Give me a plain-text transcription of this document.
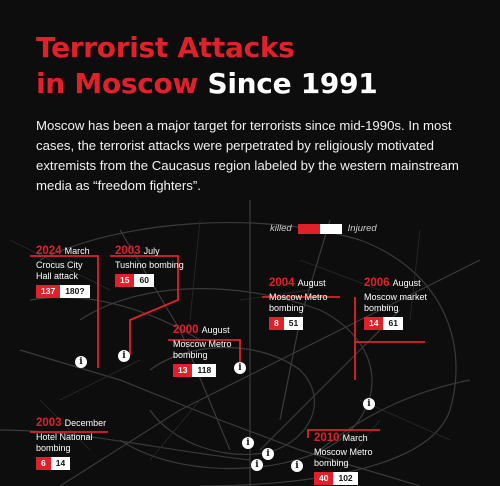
Terrorist Attacks
in Moscow Since 1991
Moscow has been a major target for terrorists since mid-1990s. In most cases, the terrorist attacks were perpetrated by religiously motivated extremists from the Caucasus region labeled by the western mainstream media as “freedom fighters”.
killed	Injured
2024 March
Crocus City
Hall attack
137	180?
2003 July
Tushino bombing
15	60	2004 August
Moscow Metro
bombing
8	51
2006 August
Moscow market
bombing
14	61
2000 August
Moscow Metro
bombing
13	118
2003 December
Hotel National
bombing
6	14
2010 March
Moscow Metro
bombing
40	102
i
i
i
i
i
i
i	i
